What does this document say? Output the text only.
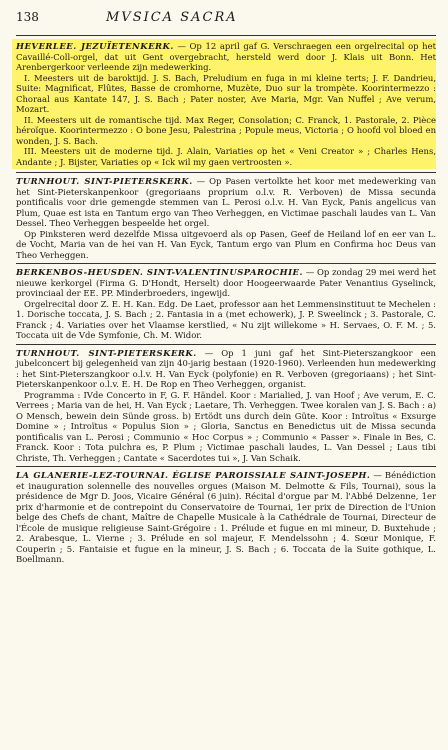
138	MVSICA SACRA

HEVERLEE. JEZUÏETENKERK. — Op 12 april gaf G. Verschraegen een orgelrecital op het Cavaillé-Coll-orgel, dat uit Gent overgebracht, hersteld werd door J. Klais uit Bonn. Het Arenbergerkoor verleende zijn medewerking.

I. Meesters uit de baroktijd. J. S. Bach, Preludium en fuga in mi kleine terts; J. F. Dandrieu, Suite: Magnificat, Flûtes, Basse de cromhorne, Muzète, Duo sur la trompète. Koorintermezzo : Choraal aus Kantate 147, J. S. Bach ; Pater noster, Ave Maria, Mgr. Van Nuffel ; Ave verum, Mozart.

II. Meesters uit de romantische tijd. Max Reger, Consolation; C. Franck, 1. Pastorale, 2. Pièce héroïque. Koorintermezzo : O bone Jesu, Palestrina ; Popule meus, Victoria ; O hoofd vol bloed en wonden, J. S. Bach.

III. Meesters uit de moderne tijd. J. Alain, Variaties op het « Veni Creator » ; Charles Hens, Andante ; J. Bijster, Variaties op « Ick wil my gaen vertroosten ».

TURNHOUT. SINT-PIETERSKERK. — Op Pasen vertolkte het koor met medewerking van het Sint-Pieterskanpenkoor (gregoriaans proprium o.l.v. R. Verboven) de Missa secunda pontificalis voor drie gemengde stemmen van L. Perosi o.l.v. H. Van Eyck, Panis angelicus van Plum, Quae est ista en Tantum ergo van Theo Verheggen, en Victimae paschali laudes van L. Van Dessel. Theo Verheggen bespeelde het orgel.

Op Pinksteren werd dezelfde Missa uitgevoerd als op Pasen, Geef de Heiland lof en eer van L. de Vocht, Maria van de hei van H. Van Eyck, Tantum ergo van Plum en Confirma hoc Deus van Theo Verheggen.

BERKENBOS-HEUSDEN. SINT-VALENTINUSPAROCHIE. — Op zondag 29 mei werd het nieuwe kerkorgel (Firma G. D'Hondt, Herselt) door Hoogeerwaarde Pater Venantius Gyselinck, provinciaal der EE. PP. Minderbroeders, ingewijd.

Orgelrecital door Z. E. H. Kan. Edg. De Laet, professor aan het Lemmensinstituut te Mechelen : 1. Dorische toccata, J. S. Bach ; 2. Fantasia in a (met echowerk), J. P. Sweelinck ; 3. Pastorale, C. Franck ; 4. Variaties over het Vlaamse kerstlied, « Nu zijt willekome » H. Servaes, O. F. M. ; 5. Toccata uit de Vde Symfonie, Ch. M. Widor.

TURNHOUT. SINT-PIETERSKERK. — Op 1 juni gaf het Sint-Pieterszangkoor een jubelconcert bij gelegenheid van zijn 40-jarig bestaan (1920-1960). Verleenden hun medewerking : het Sint-Pieterszangkoor o.l.v. H. Van Eyck (polyfonie) en R. Verboven (gregoriaans) ; het Sint-Pieterskanpenkoor o.l.v. E. H. De Rop en Theo Verheggen, organist.

Programma : IVde Concerto in F, G. F. Händel. Koor : Marialied, J. van Hoof ; Ave verum, E. C. Verrees ; Maria van de hei, H. Van Eyck ; Laetare, Th. Verheggen. Twee koralen van J. S. Bach : a) O Mensch, bewein dein Sünde gross. b) Ertödt uns durch dein Güte. Koor : Introïtus « Exsurge Domine » ; Introïtus « Populus Sion » ; Gloria, Sanctus en Benedictus uit de Missa secunda pontificalis van L. Perosi ; Communio « Hoc Corpus » ; Communio « Passer ». Finale in Bes, C. Franck. Koor : Tota pulchra es, P. Plum ; Victimae paschali laudes, L. Van Dessel ; Laus tibi Christe, Th. Verheggen ; Cantate « Sacerdotes tui », J. Van Schaik.

LA GLANERIE-LEZ-TOURNAI. ÉGLISE PAROISSIALE SAINT-JOSEPH. — Bénédiction et inauguration solennelle des nouvelles orgues (Maison M. Delmotte & Fils, Tournai), sous la présidence de Mgr D. Joos, Vicaire Général (6 juin). Récital d'orgue par M. l'Abbé Delzenne, 1er prix d'harmonie et de contrepoint du Conservatoire de Tournai, 1er prix de Direction de l'Union belge des Chefs de chant, Maître de Chapelle Musicale à la Cathédrale de Tournai, Directeur de l'École de musique religieuse Saint-Grégoire : 1. Prélude et fugue en mi mineur, D. Buxtehude ; 2. Arabesque, L. Vierne ; 3. Prélude en sol majeur, F. Mendelssohn ; 4. Sœur Monique, F. Couperin ; 5. Fantaisie et fugue en la mineur, J. S. Bach ; 6. Toccata de la Suite gothique, L. Boellmann.
